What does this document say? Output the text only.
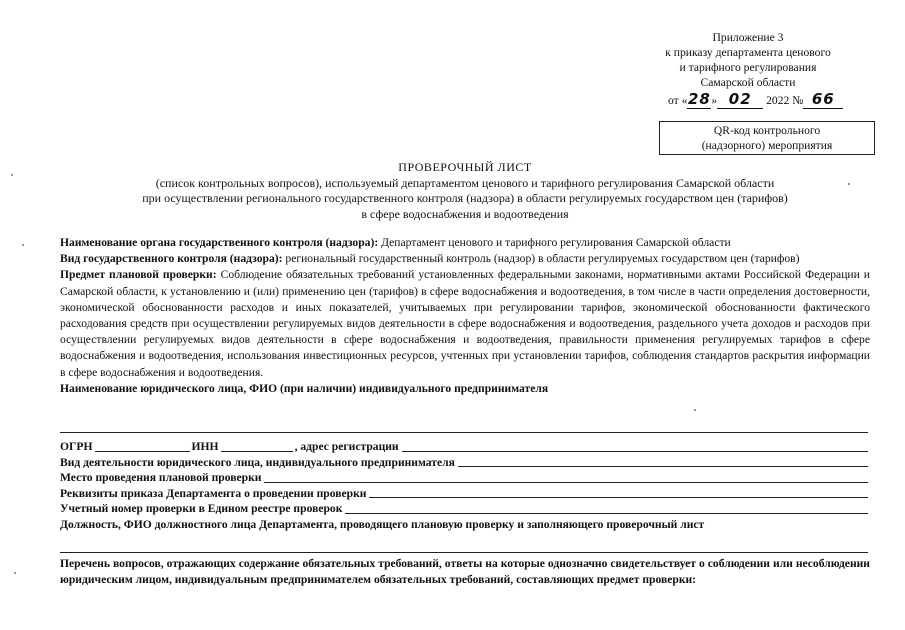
Приложение 3
к приказу департамента ценового
и тарифного регулирования
Самарской области
от «28» 02 2022 № 66
QR-код контрольного
(надзорного) мероприятия
ПРОВЕРОЧНЫЙ ЛИСТ
(список контрольных вопросов), используемый департаментом ценового и тарифного регулирования Самарской области
при осуществлении регионального государственного контроля (надзора) в области регулируемых государством цен (тарифов)
в сфере водоснабжения и водоотведения

Наименование органа государственного контроля (надзора): Департамент ценового и тарифного регулирования Самарской области

Вид государственного контроля (надзора): региональный государственный контроль (надзор) в области регулируемых государством цен (тарифов)

Предмет плановой проверки: Соблюдение обязательных требований установленных федеральными законами, нормативными актами Российской Федерации и Самарской области, к установлению и (или) применению цен (тарифов) в сфере водоснабжения и водоотведения, в том числе в части определения достоверности, экономической обоснованности расходов и иных показателей, учитываемых при регулировании тарифов, экономической обоснованности фактического расходования средств при осуществлении регулируемых видов деятельности в сфере водоснабжения и водоотведения, раздельного учета доходов и расходов при осуществлении регулируемых видов деятельности в сфере водоснабжения и водоотведения, правильности применения регулируемых тарифов в сфере водоснабжения и водоотведения, использования инвестиционных ресурсов, учтенных при установлении тарифов, соблюдения стандартов раскрытия информации в сфере водоснабжения и водоотведения.

Наименование юридического лица, ФИО (при наличии) индивидуального предпринимателя

ОГРН	ИНН	, адрес регистрации
Вид деятельности юридического лица, индивидуального предпринимателя
Место проведения плановой проверки
Реквизиты приказа Департамента о проведении проверки
Учетный номер проверки в Едином реестре проверок
Должность, ФИО должностного лица Департамента, проводящего плановую проверку и заполняющего проверочный лист

Перечень вопросов, отражающих содержание обязательных требований, ответы на которые однозначно свидетельствует о соблюдении или несоблюдении юридическим лицом, индивидуальным предпринимателем обязательных требований, составляющих предмет проверки:
